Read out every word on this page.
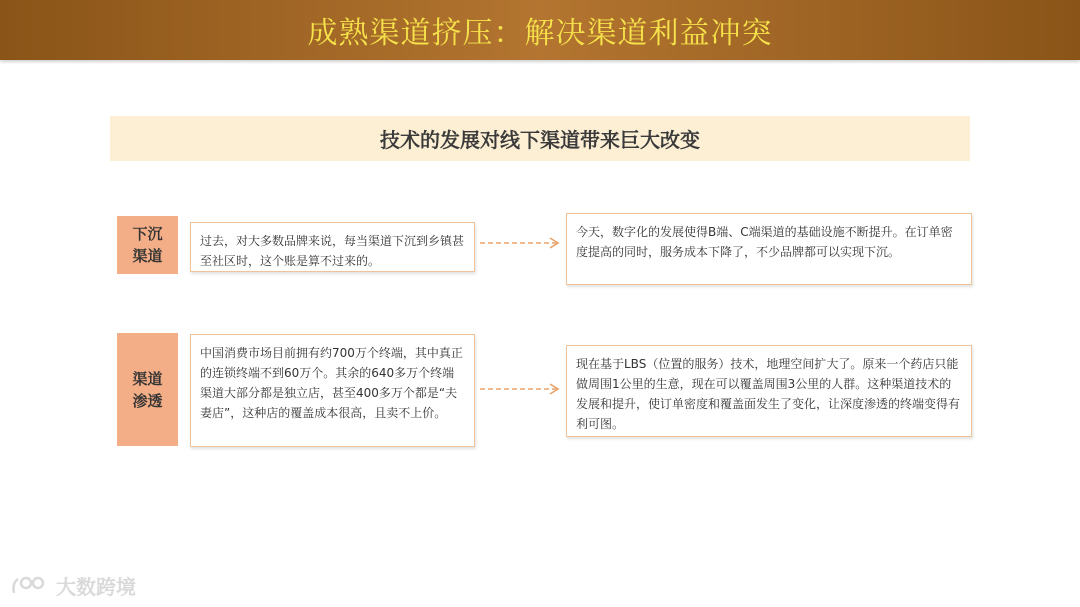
成熟渠道挤压：解决渠道利益冲突
技术的发展对线下渠道带来巨大改变
下沉
渠道
过去，对大多数品牌来说，每当渠道下沉到乡镇甚至社区时，这个账是算不过来的。
今天，数字化的发展使得B端、C端渠道的基础设施不断提升。在订单密度提高的同时，服务成本下降了，不少品牌都可以实现下沉。
渠道
渗透
中国消费市场目前拥有约700万个终端，其中真正的连锁终端不到60万个。其余的640多万个终端渠道大部分都是独立店，甚至400多万个都是“夫妻店”，这种店的覆盖成本很高，且卖不上价。
现在基于LBS（位置的服务）技术，地理空间扩大了。原来一个药店只能做周围1公里的生意，现在可以覆盖周围3公里的人群。这种渠道技术的发展和提升，使订单密度和覆盖面发生了变化，让深度渗透的终端变得有利可图。
大数跨境
